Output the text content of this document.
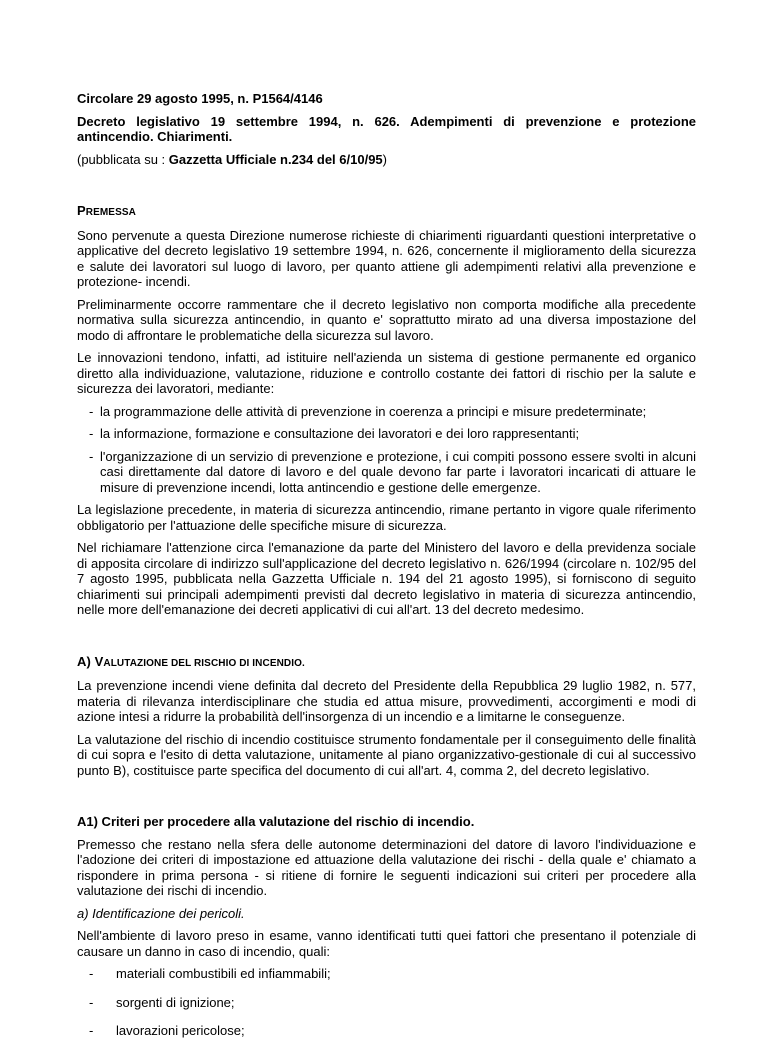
Circolare 29 agosto 1995, n. P1564/4146

Decreto legislativo 19 settembre 1994, n. 626. Adempimenti di prevenzione e protezione antincendio. Chiarimenti.

(pubblicata su : Gazzetta Ufficiale n.234 del 6/10/95)

PREMESSA

Sono pervenute a questa Direzione numerose richieste di chiarimenti riguardanti questioni interpretative o applicative del decreto legislativo 19 settembre 1994, n. 626, concernente il miglioramento della sicurezza e salute dei lavoratori sul luogo di lavoro, per quanto attiene gli adempimenti relativi alla prevenzione e protezione- incendi.

Preliminarmente occorre rammentare che il decreto legislativo non comporta modifiche alla precedente normativa sulla sicurezza antincendio, in quanto e' soprattutto mirato ad una diversa impostazione del modo di affrontare le problematiche della sicurezza sul lavoro.

Le innovazioni tendono, infatti, ad istituire nell'azienda un sistema di gestione permanente ed organico diretto alla individuazione, valutazione, riduzione e controllo costante dei fattori di rischio per la salute e sicurezza dei lavoratori, mediante:

- la programmazione delle attività di prevenzione in coerenza a principi e misure predeterminate;
- la informazione, formazione e consultazione dei lavoratori e dei loro rappresentanti;
- l'organizzazione di un servizio di prevenzione e protezione, i cui compiti possono essere svolti in alcuni casi direttamente dal datore di lavoro e del quale devono far parte i lavoratori incaricati di attuare le misure di prevenzione incendi, lotta antincendio e gestione delle emergenze.

La legislazione precedente, in materia di sicurezza antincendio, rimane pertanto in vigore quale riferimento obbligatorio per l'attuazione delle specifiche misure di sicurezza.

Nel richiamare l'attenzione circa l'emanazione da parte del Ministero del lavoro e della previdenza sociale di apposita circolare di indirizzo sull'applicazione del decreto legislativo n. 626/1994 (circolare n. 102/95 del 7 agosto 1995, pubblicata nella Gazzetta Ufficiale n. 194 del 21 agosto 1995), si forniscono di seguito chiarimenti sui principali adempimenti previsti dal decreto legislativo in materia di sicurezza antincendio, nelle more dell'emanazione dei decreti applicativi di cui all'art. 13 del decreto medesimo.

A) VALUTAZIONE DEL RISCHIO DI INCENDIO.

La prevenzione incendi viene definita dal decreto del Presidente della Repubblica 29 luglio 1982, n. 577, materia di rilevanza interdisciplinare che studia ed attua misure, provvedimenti, accorgimenti e modi di azione intesi a ridurre la probabilità dell'insorgenza di un incendio e a limitarne le conseguenze.

La valutazione del rischio di incendio costituisce strumento fondamentale per il conseguimento delle finalità di cui sopra e l'esito di detta valutazione, unitamente al piano organizzativo-gestionale di cui al successivo punto B), costituisce parte specifica del documento di cui all'art. 4, comma 2, del decreto legislativo.

A1) Criteri per procedere alla valutazione del rischio di incendio.

Premesso che restano nella sfera delle autonome determinazioni del datore di lavoro l'individuazione e l'adozione dei criteri di impostazione ed attuazione della valutazione dei rischi - della quale e' chiamato a rispondere in prima persona - si ritiene di fornire le seguenti indicazioni sui criteri per procedere alla valutazione dei rischi di incendio.

a) Identificazione dei pericoli.

Nell'ambiente di lavoro preso in esame, vanno identificati tutti quei fattori che presentano il potenziale di causare un danno in caso di incendio, quali:

-	materiali combustibili ed infiammabili;
-	sorgenti di ignizione;
-	lavorazioni pericolose;
